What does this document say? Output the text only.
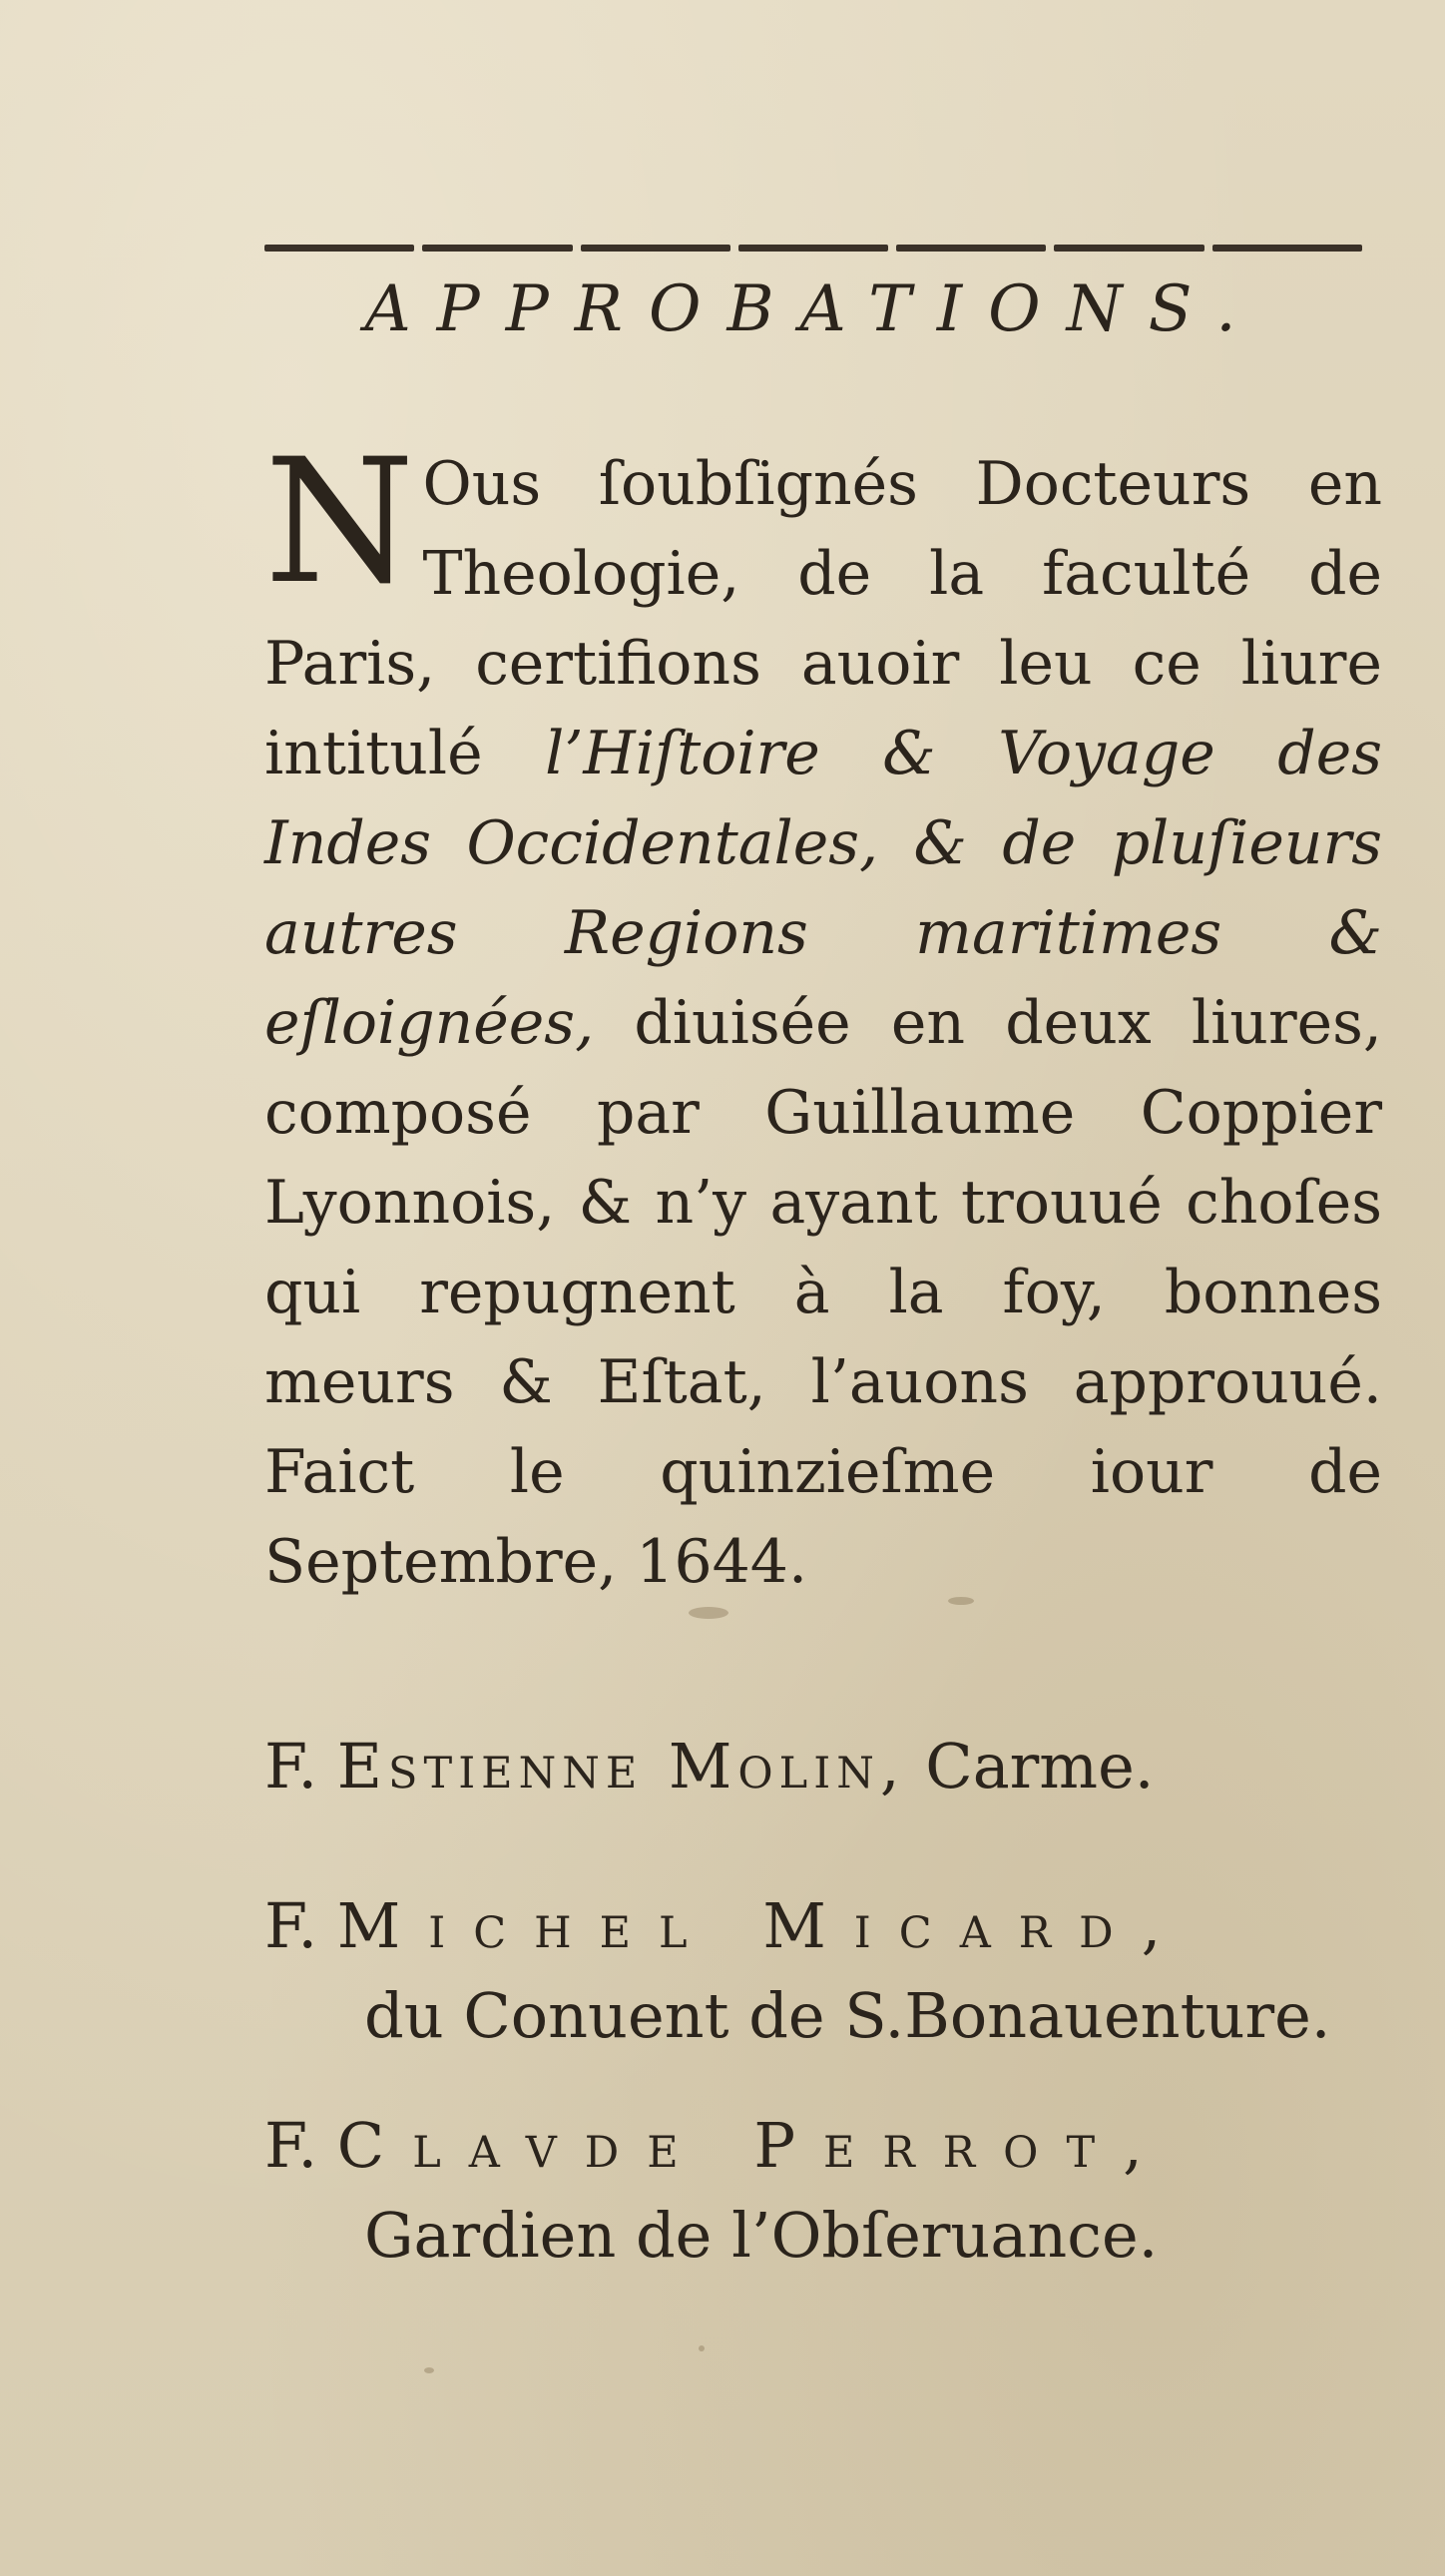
APPROBATIONS.
N Ous ſoubſignés Docteurs en Theologie, de la faculté de Paris, certifions auoir leu ce liure intitulé l’Hiſtoire & Voyage des Indes Occidentales, & de pluſieurs autres Regions maritimes & eſloignées, diuisée en deux liures, composé par Guillaume Coppier Lyonnois, & n’y ayant trouué choſes qui repugnent à la foy, bonnes meurs & Eſtat, l’auons approuué. Faict le quinzieſme iour de Septembre, 1644.
F. Estienne Molin, Carme.
F. Michel Micard,
du Conuent de S.Bonauenture.
F. Clavde Perrot,
Gardien de l’Obſeruance.
